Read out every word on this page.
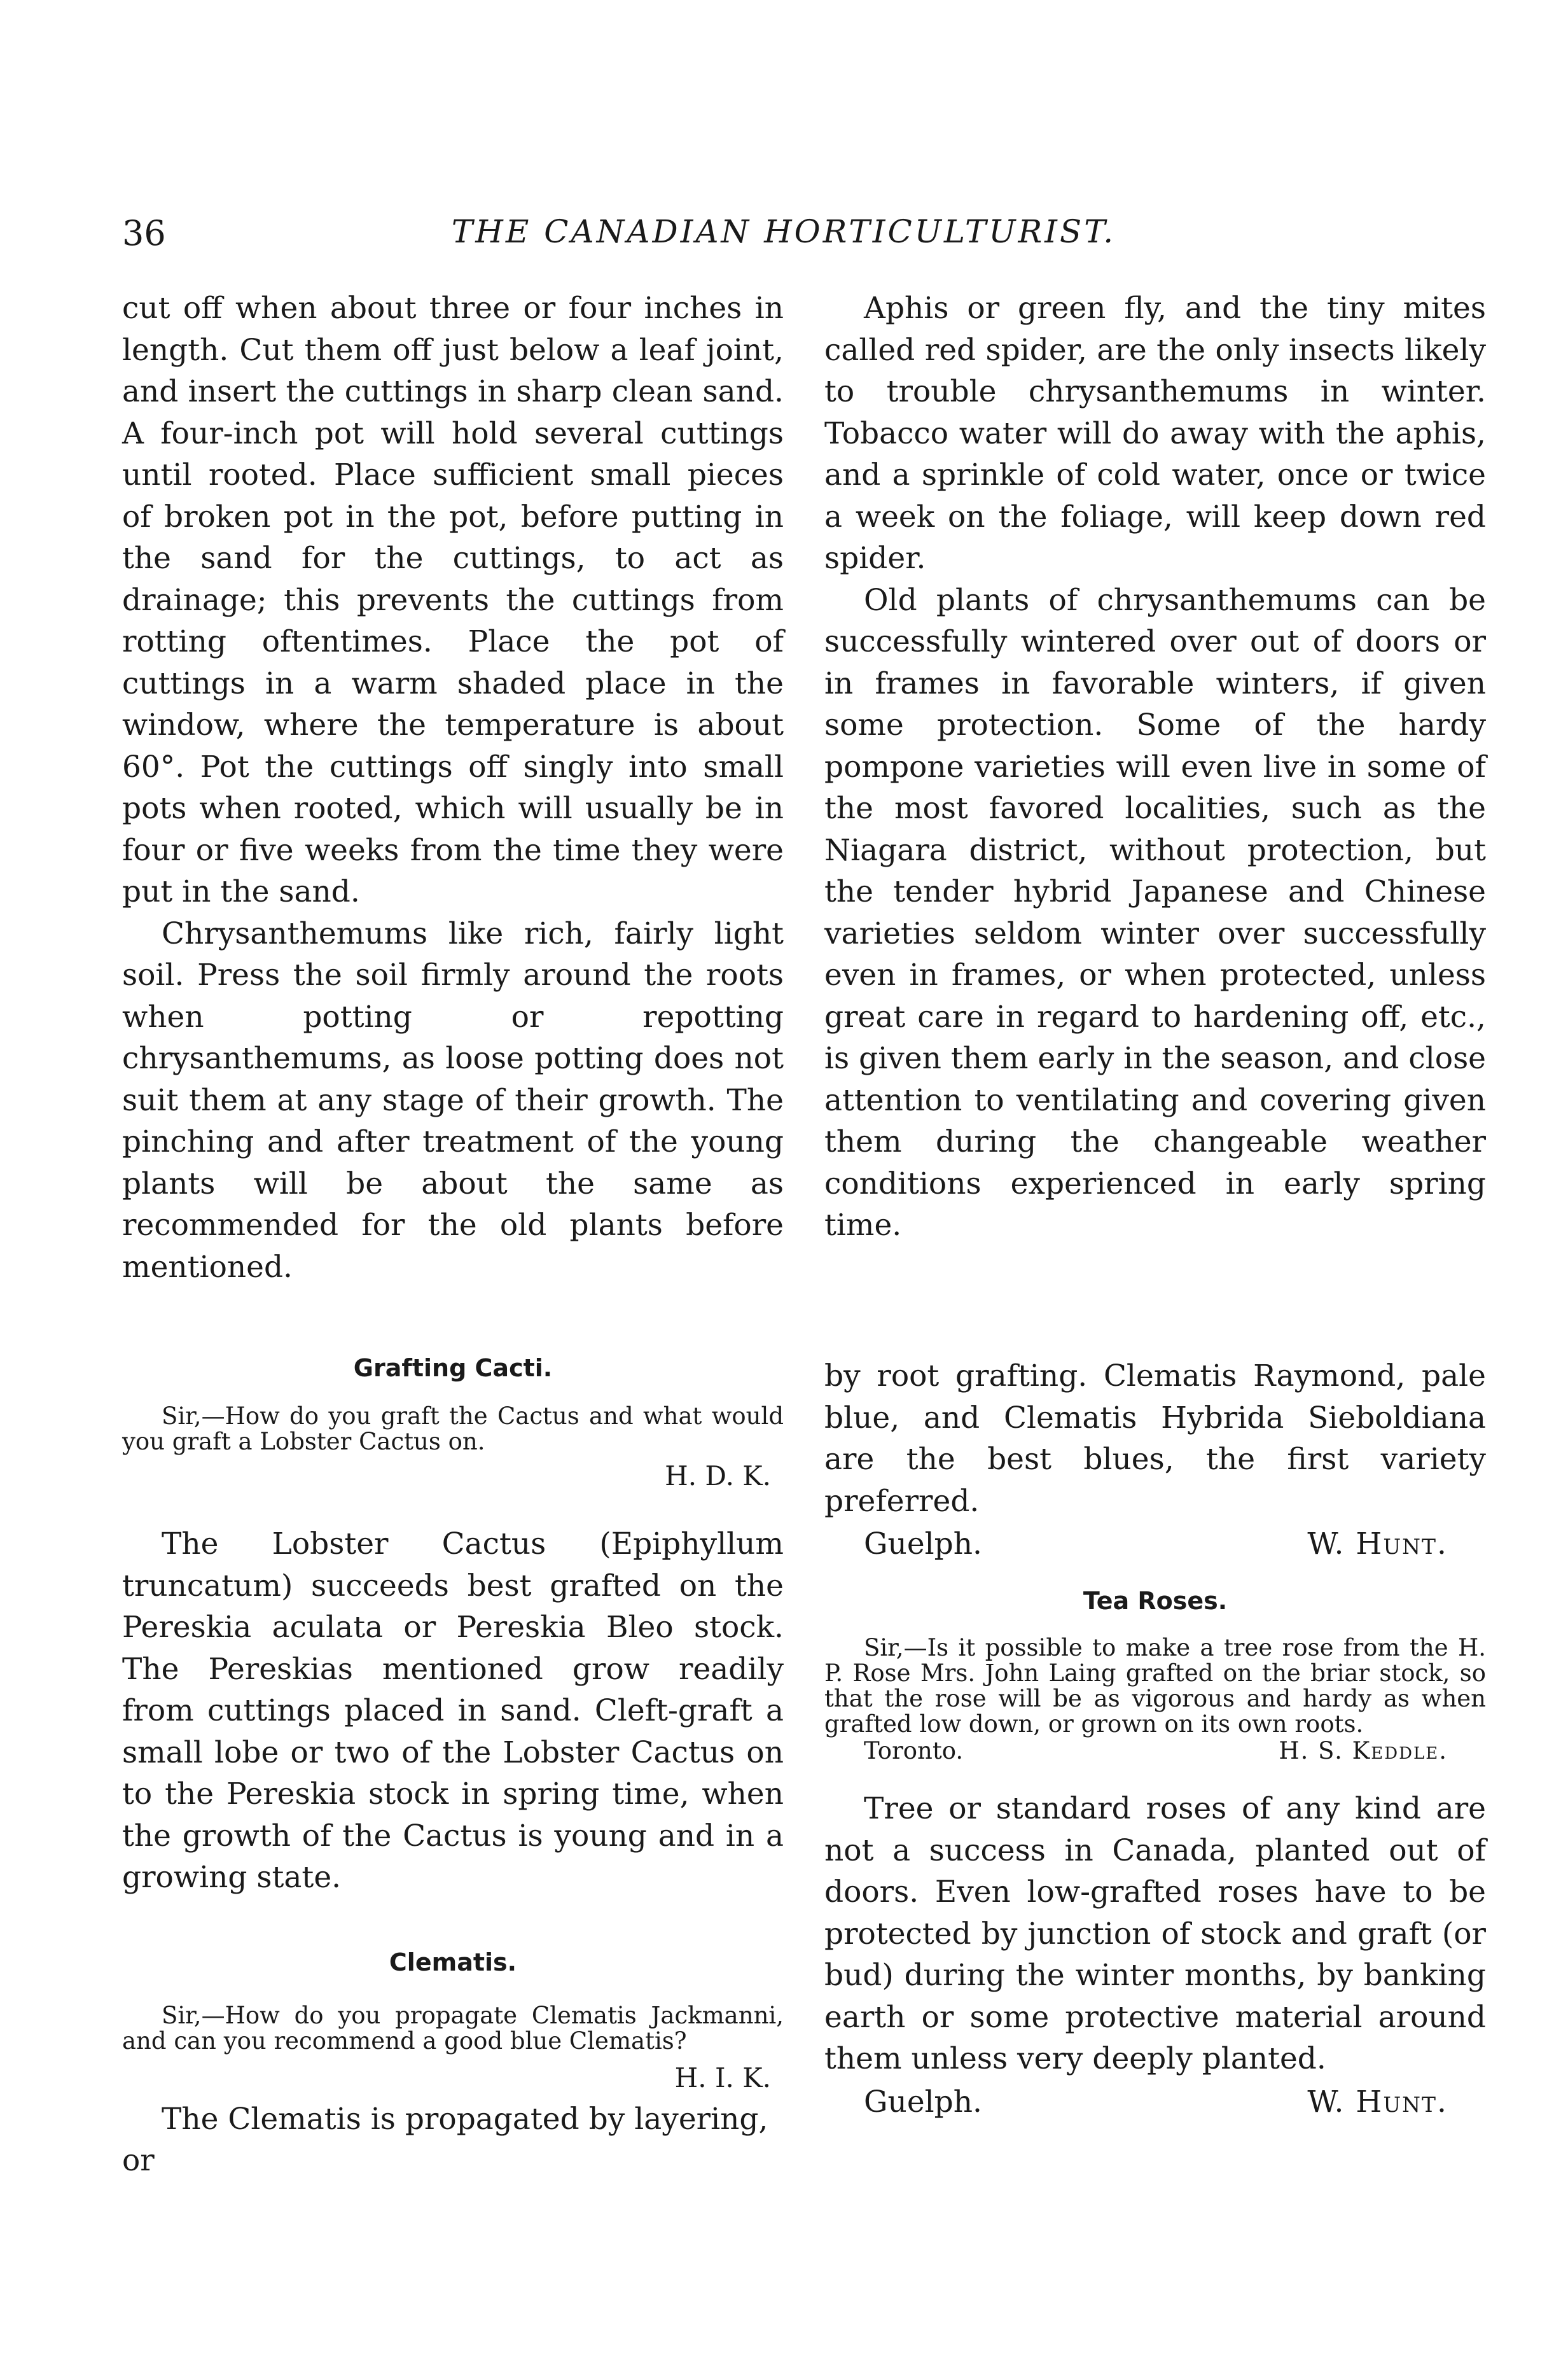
36	THE CANADIAN HORTICULTURIST.

cut off when about three or four inches in length. Cut them off just below a leaf joint, and insert the cuttings in sharp clean sand. A four-inch pot will hold several cuttings until rooted. Place sufficient small pieces of broken pot in the pot, before putting in the sand for the cuttings, to act as drainage; this prevents the cuttings from rotting oftentimes. Place the pot of cuttings in a warm shaded place in the window, where the temperature is about 60°. Pot the cuttings off singly into small pots when rooted, which will usually be in four or five weeks from the time they were put in the sand.

Chrysanthemums like rich, fairly light soil. Press the soil firmly around the roots when potting or repotting chrysanthemums, as loose potting does not suit them at any stage of their growth. The pinching and after treatment of the young plants will be about the same as recommended for the old plants before mentioned.

Aphis or green fly, and the tiny mites called red spider, are the only insects likely to trouble chrysanthemums in winter. Tobacco water will do away with the aphis, and a sprinkle of cold water, once or twice a week on the foliage, will keep down red spider.

Old plants of chrysanthemums can be successfully wintered over out of doors or in frames in favorable winters, if given some protection. Some of the hardy pompone varieties will even live in some of the most favored localities, such as the Niagara district, without protection, but the tender hybrid Japanese and Chinese varieties seldom winter over successfully even in frames, or when protected, unless great care in regard to hardening off, etc., is given them early in the season, and close attention to ventilating and covering given them during the changeable weather conditions experienced in early spring time.

Grafting Cacti.

Sir,—How do you graft the Cactus and what would you graft a Lobster Cactus on.

H. D. K.

The Lobster Cactus (Epiphyllum truncatum) succeeds best grafted on the Pereskia aculata or Pereskia Bleo stock. The Pereskias mentioned grow readily from cuttings placed in sand. Cleft-graft a small lobe or two of the Lobster Cactus on to the Pereskia stock in spring time, when the growth of the Cactus is young and in a growing state.

Clematis.

Sir,—How do you propagate Clematis Jackmanni, and can you recommend a good blue Clematis?

H. I. K.

The Clematis is propagated by layering, or

by root grafting. Clematis Raymond, pale blue, and Clematis Hybrida Sieboldiana are the best blues, the first variety preferred.

Guelph.	W. Hunt.
Tea Roses.

Sir,—Is it possible to make a tree rose from the H. P. Rose Mrs. John Laing grafted on the briar stock, so that the rose will be as vigorous and hardy as when grafted low down, or grown on its own roots.

Toronto.	H. S. Keddle.

Tree or standard roses of any kind are not a success in Canada, planted out of doors. Even low-grafted roses have to be protected by junction of stock and graft (or bud) during the winter months, by banking earth or some protective material around them unless very deeply planted.

Guelph.	W. Hunt.
